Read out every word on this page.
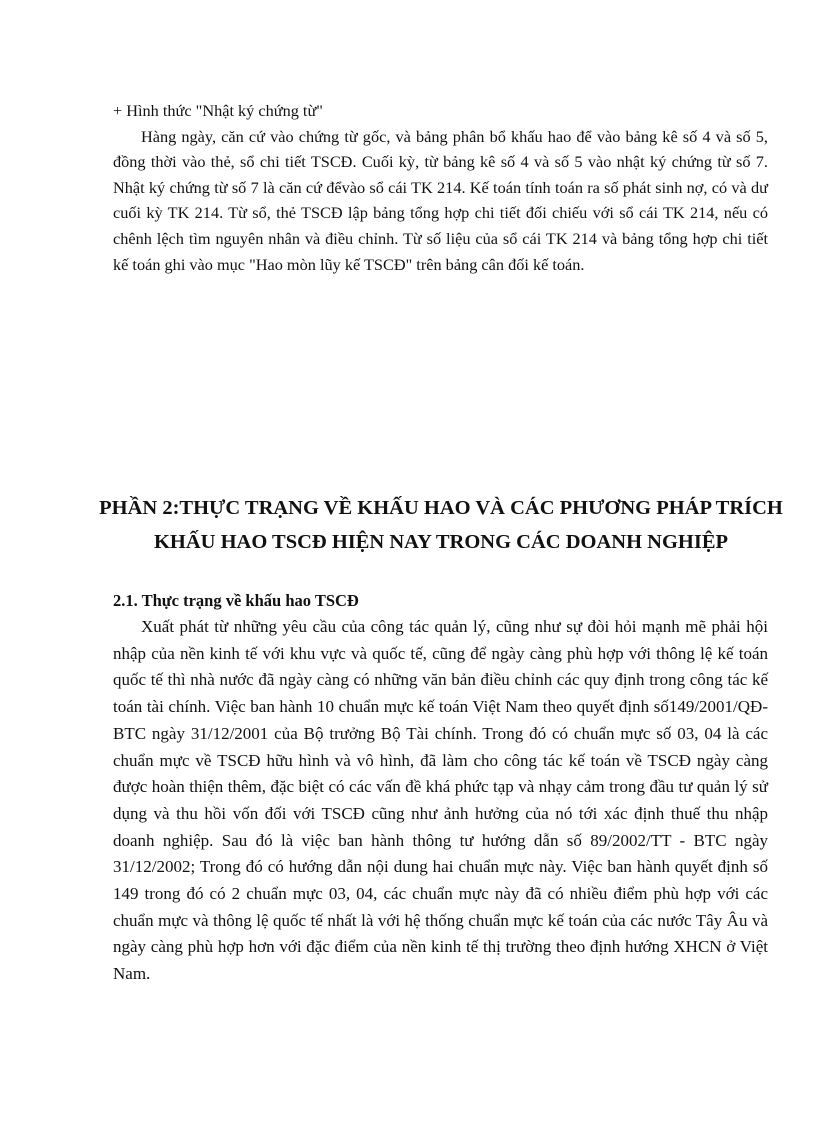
+ Hình thức "Nhật ký chứng từ"

Hàng ngày, căn cứ vào chứng từ gốc, và bảng phân bổ khấu hao để vào bảng kê số 4 và số 5, đồng thời vào thẻ, sổ chi tiết TSCĐ. Cuối kỳ, từ bảng kê số 4 và số 5 vào nhật ký chứng từ số 7. Nhật ký chứng từ số 7 là căn cứ đểvào sổ cái TK 214. Kế toán tính toán ra số phát sinh nợ, có và dư cuối kỳ TK 214. Từ sổ, thẻ TSCĐ lập bảng tổng hợp chi tiết đối chiếu với sổ cái TK 214, nếu có chênh lệch tìm nguyên nhân và điều chỉnh. Từ số liệu của sổ cái TK 214 và bảng tổng hợp chi tiết kế toán ghi vào mục "Hao mòn lũy kế TSCĐ" trên bảng cân đối kế toán.

PHẦN 2:THỰC TRẠNG VỀ KHẤU HAO VÀ CÁC PHƯƠNG PHÁP TRÍCH KHẤU HAO TSCĐ HIỆN NAY TRONG CÁC DOANH NGHIỆP
2.1. Thực trạng về khấu hao TSCĐ

Xuất phát từ những yêu cầu của công tác quản lý, cũng như sự đòi hỏi mạnh mẽ phải hội nhập của nền kinh tế với khu vực và quốc tế, cũng để ngày càng phù hợp với thông lệ kế toán quốc tế thì nhà nước đã ngày càng có những văn bản điều chỉnh các quy định trong công tác kế toán tài chính. Việc ban hành 10 chuẩn mực kế toán Việt Nam theo quyết định số149/2001/QĐ-BTC ngày 31/12/2001 của Bộ trưởng Bộ Tài chính. Trong đó có chuẩn mực số 03, 04 là các chuẩn mực về TSCĐ hữu hình và vô hình, đã làm cho công tác kế toán về TSCĐ ngày càng được hoàn thiện thêm, đặc biệt có các vấn đề khá phức tạp và nhạy cảm trong đầu tư quản lý sử dụng và thu hồi vốn đối với TSCĐ cũng như ảnh hưởng của nó tới xác định thuế thu nhập doanh nghiệp. Sau đó là việc ban hành thông tư hướng dẫn số 89/2002/TT - BTC ngày 31/12/2002; Trong đó có hướng dẫn nội dung hai chuẩn mực này. Việc ban hành quyết định số 149 trong đó có 2 chuẩn mực 03, 04, các chuẩn mực này đã có nhiều điểm phù hợp với các chuẩn mực và thông lệ quốc tế nhất là với hệ thống chuẩn mực kế toán của các nước Tây Âu và ngày càng phù hợp hơn với đặc điểm của nền kinh tế thị trường theo định hướng XHCN ở Việt Nam.
